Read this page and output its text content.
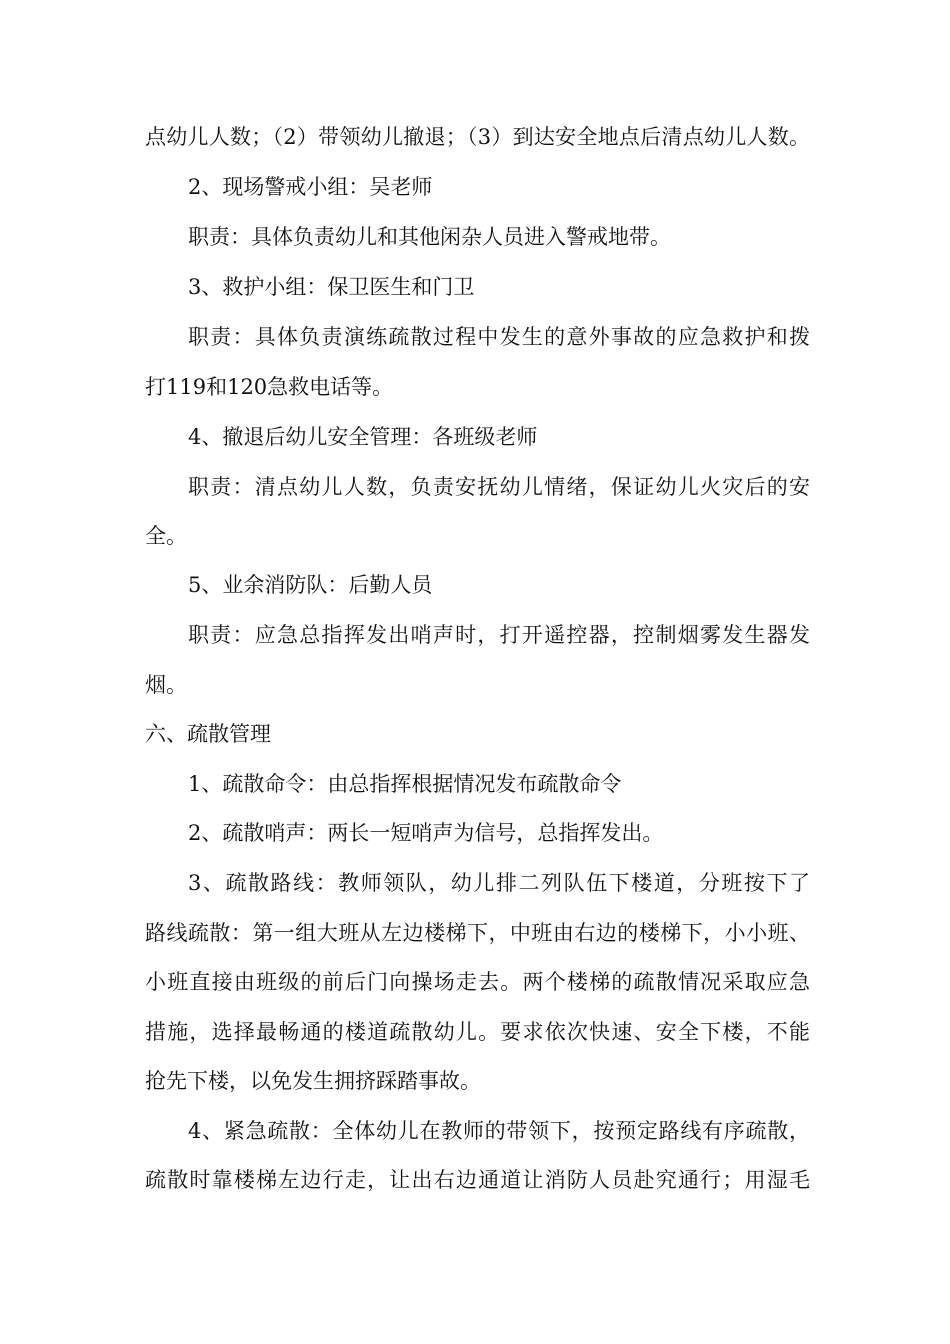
点幼儿人数；（2）带领幼儿撤退；（3）到达安全地点后清点幼儿人数。
2、现场警戒小组：吴老师
职责：具体负责幼儿和其他闲杂人员进入警戒地带。
3、救护小组：保卫医生和门卫
职责：具体负责演练疏散过程中发生的意外事故的应急救护和拨
打119和120急救电话等。
4、撤退后幼儿安全管理：各班级老师
职责：清点幼儿人数，负责安抚幼儿情绪，保证幼儿火灾后的安
全。
5、业余消防队：后勤人员
职责：应急总指挥发出哨声时，打开遥控器，控制烟雾发生器发
烟。
六、疏散管理
1、疏散命令：由总指挥根据情况发布疏散命令
2、疏散哨声：两长一短哨声为信号，总指挥发出。
3、疏散路线：教师领队，幼儿排二列队伍下楼道，分班按下了
路线疏散：第一组大班从左边楼梯下，中班由右边的楼梯下，小小班、
小班直接由班级的前后门向操场走去。两个楼梯的疏散情况采取应急
措施，选择最畅通的楼道疏散幼儿。要求依次快速、安全下楼，不能
抢先下楼，以免发生拥挤踩踏事故。
4、紧急疏散：全体幼儿在教师的带领下，按预定路线有序疏散，
疏散时靠楼梯左边行走，让出右边通道让消防人员赴究通行；用湿毛
